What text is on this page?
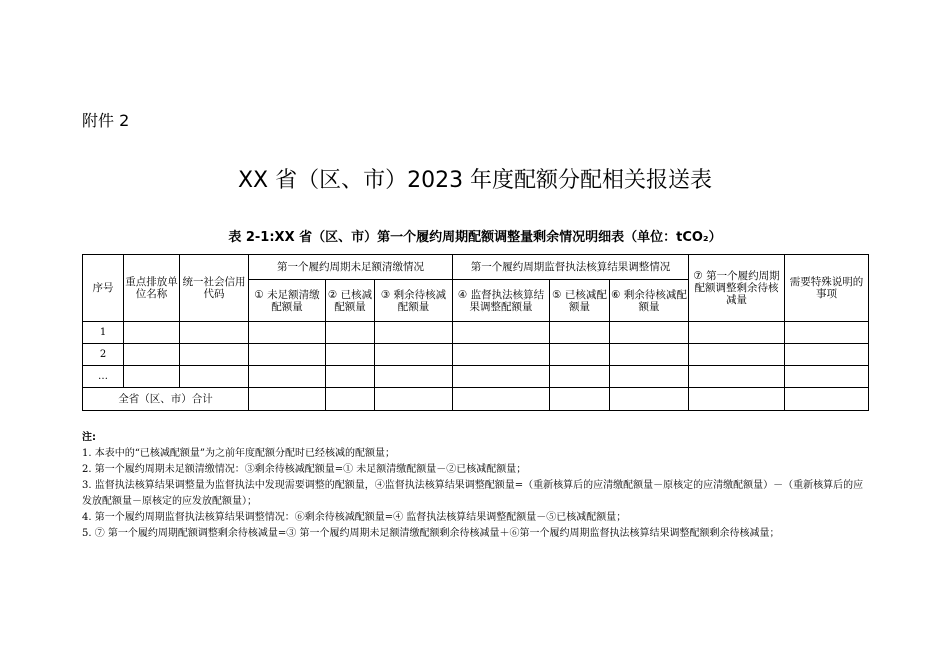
附件 2
XX 省（区、市）2023 年度配额分配相关报送表
表 2-1:XX 省（区、市）第一个履约周期配额调整量剩余情况明细表（单位：tCO₂）
序号	重点排放单位名称	统一社会信用代码	第一个履约周期未足额清缴情况			第一个履约周期监督执法核算结果调整情况			⑦ 第一个履约周期配额调整剩余待核减量	需要特殊说明的事项
			① 未足额清缴配额量	② 已核减配额量	③ 剩余待核减配额量	④ 监督执法核算结果调整配额量	⑤ 已核减配额量	⑥ 剩余待核减配额量		
1										
2										
…										
全省（区、市）合计										
注:
1. 本表中的“已核减配额量”为之前年度配额分配时已经核减的配额量；
2. 第一个履约周期未足额清缴情况：③剩余待核减配额量=① 未足额清缴配额量－②已核减配额量；
3. 监督执法核算结果调整量为监督执法中发现需要调整的配额量，④监督执法核算结果调整配额量=（重新核算后的应清缴配额量－原核定的应清缴配额量）－（重新核算后的应发放配额量－原核定的应发放配额量）；
4. 第一个履约周期监督执法核算结果调整情况：⑥剩余待核减配额量=④ 监督执法核算结果调整配额量－⑤已核减配额量；
5. ⑦ 第一个履约周期配额调整剩余待核减量=③ 第一个履约周期未足额清缴配额剩余待核减量＋⑥第一个履约周期监督执法核算结果调整配额剩余待核减量；
